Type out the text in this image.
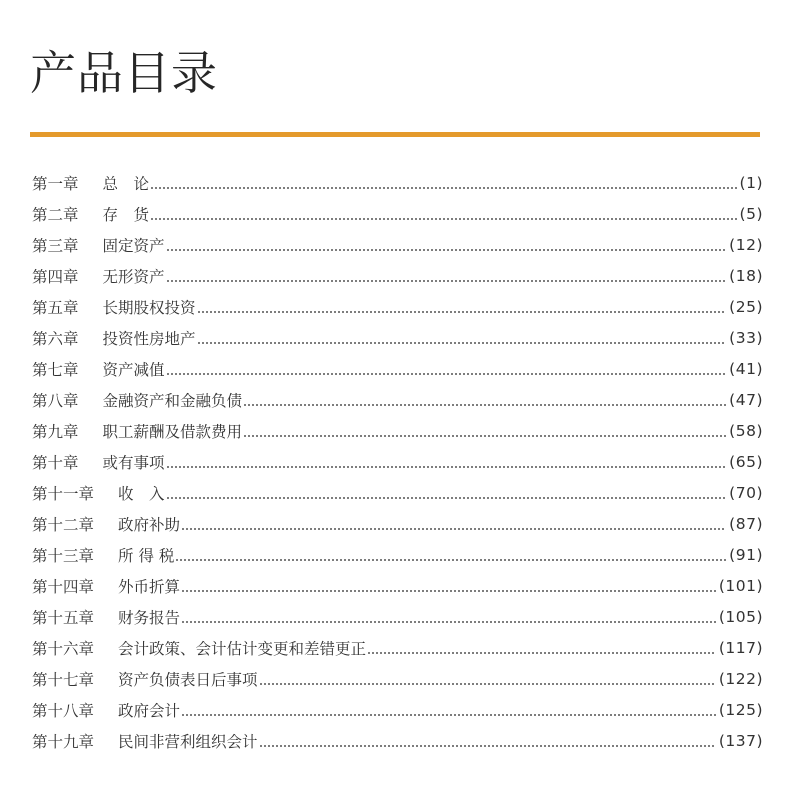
产品目录
第一章 总　论	(1)
第二章 存　货	(5)
第三章 固定资产	(12)
第四章 无形资产	(18)
第五章 长期股权投资	(25)
第六章 投资性房地产	(33)
第七章 资产减值	(41)
第八章 金融资产和金融负债	(47)
第九章 职工薪酬及借款费用	(58)
第十章 或有事项	(65)
第十一章 收　入	(70)
第十二章 政府补助	(87)
第十三章 所 得 税	(91)
第十四章 外币折算	(101)
第十五章 财务报告	(105)
第十六章 会计政策、会计估计变更和差错更正	(117)
第十七章 资产负债表日后事项	(122)
第十八章 政府会计	(125)
第十九章 民间非营利组织会计	(137)
